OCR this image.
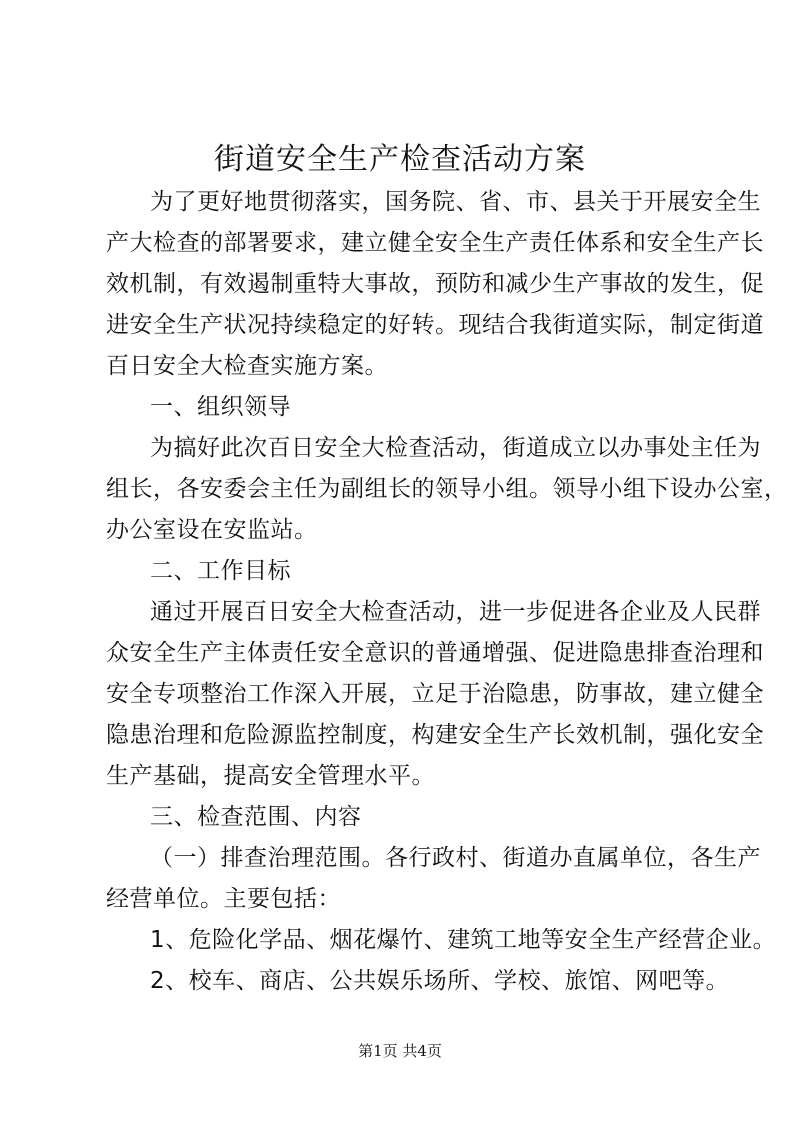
街道安全生产检查活动方案
为了更好地贯彻落实，国务院、省、市、县关于开展安全生
产大检查的部署要求，建立健全安全生产责任体系和安全生产长
效机制，有效遏制重特大事故，预防和减少生产事故的发生，促
进安全生产状况持续稳定的好转。现结合我街道实际，制定街道
百日安全大检查实施方案。
一、组织领导
为搞好此次百日安全大检查活动，街道成立以办事处主任为
组长，各安委会主任为副组长的领导小组。领导小组下设办公室，
办公室设在安监站。
二、工作目标
通过开展百日安全大检查活动，进一步促进各企业及人民群
众安全生产主体责任安全意识的普通增强、促进隐患排查治理和
安全专项整治工作深入开展，立足于治隐患，防事故，建立健全
隐患治理和危险源监控制度，构建安全生产长效机制，强化安全
生产基础，提高安全管理水平。
三、检查范围、内容
（一）排查治理范围。各行政村、街道办直属单位，各生产
经营单位。主要包括：
1、危险化学品、烟花爆竹、建筑工地等安全生产经营企业。
2、校车、商店、公共娱乐场所、学校、旅馆、网吧等。
第1页 共4页
